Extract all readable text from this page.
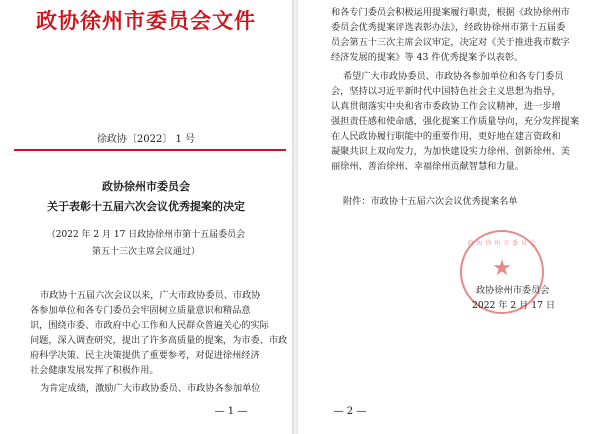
政协徐州市委员会文件
徐政协〔2022〕 1 号
政协徐州市委员会
关于表彰十五届六次会议优秀提案的决定
（2022 年 2 月 17 日政协徐州市第十五届委员会
第五十三次主席会议通过）
市政协十五届六次会议以来，广大市政协委员、市政协
各参加单位和各专门委员会牢固树立质量意识和精品意
识，围绕市委、市政府中心工作和人民群众普遍关心的实际
问题，深入调查研究，提出了许多高质量的提案，为市委、市政
府科学决策、民主决策提供了重要参考，对促进徐州经济
社会健康发展发挥了积极作用。
为肯定成绩，激励广大市政协委员、市政协各参加单位
— 1 —
和各专门委员会积极运用提案履行职责，根据《政协徐州市
委员会优秀提案评选表彰办法》，经政协徐州市第十五届委
员会第五十三次主席会议审定，决定对《关于推进我市数字
经济发展的提案》等 43 件优秀提案予以表彰。
希望广大市政协委员、市政协各参加单位和各专门委员
会，坚持以习近平新时代中国特色社会主义思想为指导，
认真贯彻落实中央和省市委政协工作会议精神，进一步增
强担责任感和使命感，强化提案工作质量导向，充分发挥提案
在人民政协履行职能中的重要作用，更好地在建言资政和
凝聚共识上双向发力，为加快建设实力徐州、创新徐州、美
丽徐州、善治徐州、幸福徐州贡献智慧和力量。
附件：市政协十五届六次会议优秀提案名单
政 协 徐 州 市 委 员 会
★
政协徐州市委员会
2022 年 2 月 17 日
— 2 —
